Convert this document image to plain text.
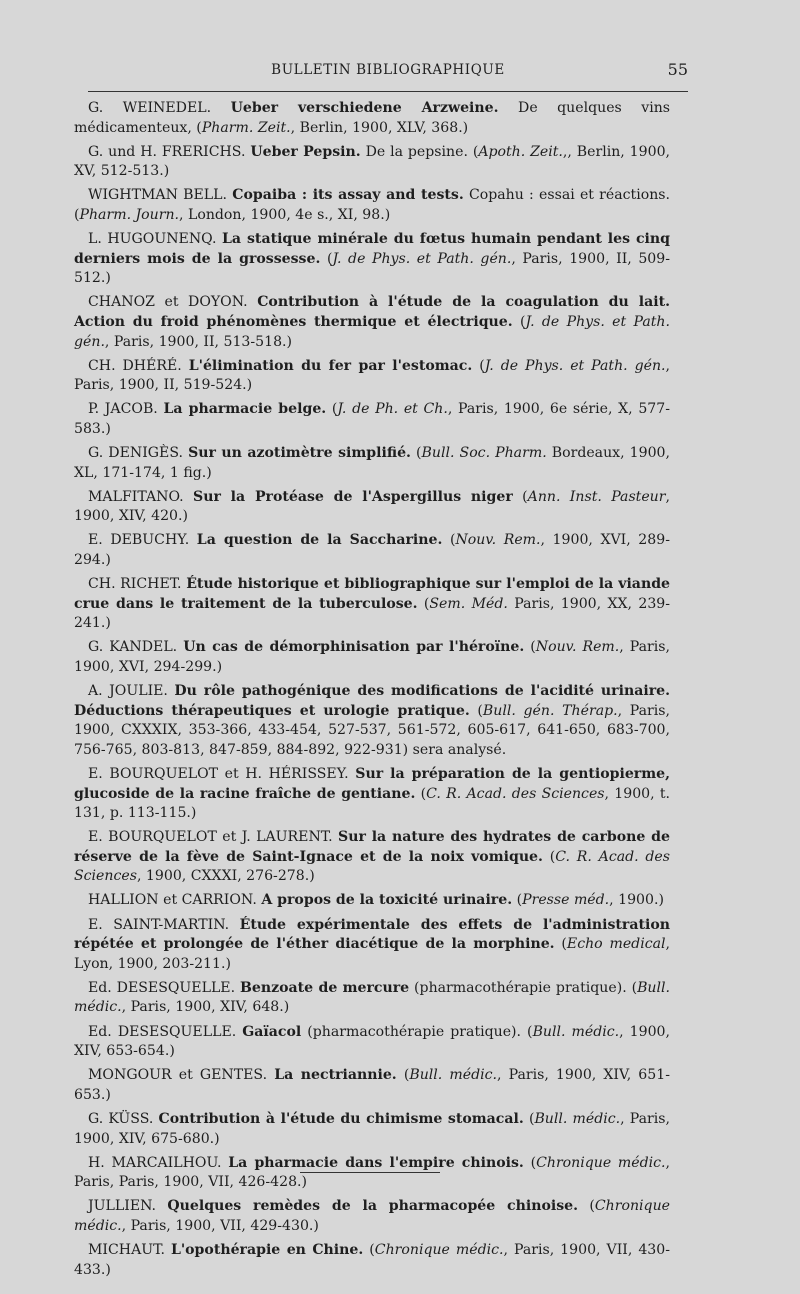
BULLETIN BIBLIOGRAPHIQUE	55

G. WEINEDEL. Ueber verschiedene Arzweine. De quelques vins médicamenteux, (Pharm. Zeit., Berlin, 1900, XLV, 368.)

G. und H. FRERICHS. Ueber Pepsin. De la pepsine. (Apoth. Zeit.,, Berlin, 1900, XV, 512-513.)

WIGHTMAN BELL. Copaiba : its assay and tests. Copahu : essai et réactions. (Pharm. Journ., London, 1900, 4e s., XI, 98.)

L. HUGOUNENQ. La statique minérale du fœtus humain pendant les cinq derniers mois de la grossesse. (J. de Phys. et Path. gén., Paris, 1900, II, 509-512.)

CHANOZ et DOYON. Contribution à l'étude de la coagulation du lait. Action du froid phénomènes thermique et électrique. (J. de Phys. et Path. gén., Paris, 1900, II, 513-518.)

CH. DHÉRÉ. L'élimination du fer par l'estomac. (J. de Phys. et Path. gén., Paris, 1900, II, 519-524.)

P. JACOB. La pharmacie belge. (J. de Ph. et Ch., Paris, 1900, 6e série, X, 577-583.)

G. DENIGÈS. Sur un azotimètre simplifié. (Bull. Soc. Pharm. Bordeaux, 1900, XL, 171-174, 1 fig.)

MALFITANO. Sur la Protéase de l'Aspergillus niger (Ann. Inst. Pasteur, 1900, XIV, 420.)

E. DEBUCHY. La question de la Saccharine. (Nouv. Rem., 1900, XVI, 289-294.)

CH. RICHET. Étude historique et bibliographique sur l'emploi de la viande crue dans le traitement de la tuberculose. (Sem. Méd. Paris, 1900, XX, 239-241.)

G. KANDEL. Un cas de démorphinisation par l'héroïne. (Nouv. Rem., Paris, 1900, XVI, 294-299.)

A. JOULIE. Du rôle pathogénique des modifications de l'acidité urinaire. Déductions thérapeutiques et urologie pratique. (Bull. gén. Thérap., Paris, 1900, CXXXIX, 353-366, 433-454, 527-537, 561-572, 605-617, 641-650, 683-700, 756-765, 803-813, 847-859, 884-892, 922-931) sera analysé.

E. BOURQUELOT et H. HÉRISSEY. Sur la préparation de la gentiopierme, glucoside de la racine fraîche de gentiane. (C. R. Acad. des Sciences, 1900, t. 131, p. 113-115.)

E. BOURQUELOT et J. LAURENT. Sur la nature des hydrates de carbone de réserve de la fève de Saint-Ignace et de la noix vomique. (C. R. Acad. des Sciences, 1900, CXXXI, 276-278.)

HALLION et CARRION. A propos de la toxicité urinaire. (Presse méd., 1900.)

E. SAINT-MARTIN. Étude expérimentale des effets de l'administration répétée et prolongée de l'éther diacétique de la morphine. (Echo medical, Lyon, 1900, 203-211.)

Ed. DESESQUELLE. Benzoate de mercure (pharmacothérapie pratique). (Bull. médic., Paris, 1900, XIV, 648.)

Ed. DESESQUELLE. Gaïacol (pharmacothérapie pratique). (Bull. médic., 1900, XIV, 653-654.)

MONGOUR et GENTES. La nectriannie. (Bull. médic., Paris, 1900, XIV, 651-653.)

G. KÜSS. Contribution à l'étude du chimisme stomacal. (Bull. médic., Paris, 1900, XIV, 675-680.)

H. MARCAILHOU. La pharmacie dans l'empire chinois. (Chronique médic., Paris, Paris, 1900, VII, 426-428.)

JULLIEN. Quelques remèdes de la pharmacopée chinoise. (Chronique médic., Paris, 1900, VII, 429-430.)

MICHAUT. L'opothérapie en Chine. (Chronique médic., Paris, 1900, VII, 430-433.)
